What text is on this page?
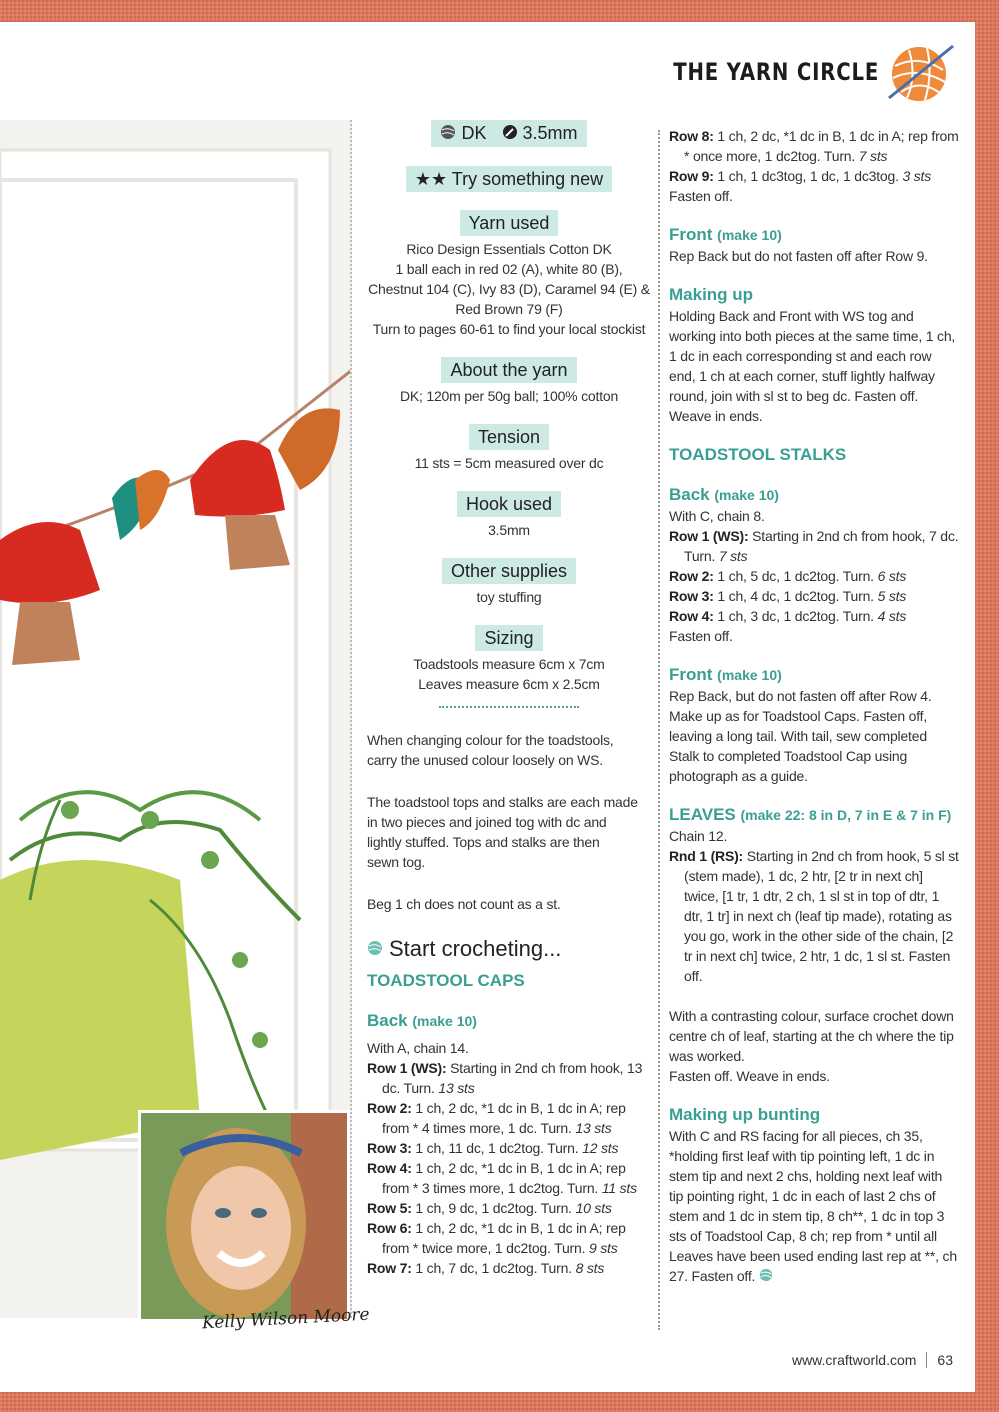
THE YARN CIRCLE
Kelly Wilson Moore
DK 3.5mm
★★ Try something new
Yarn used
Rico Design Essentials Cotton DK
1 ball each in red 02 (A), white 80 (B),
Chestnut 104 (C), Ivy 83 (D), Caramel 94 (E) &
Red Brown 79 (F)
Turn to pages 60-61 to find your local stockist
About the yarn
DK; 120m per 50g ball; 100% cotton
Tension
11 sts = 5cm measured over dc
Hook used
3.5mm
Other supplies
toy stuffing
Sizing
Toadstools measure 6cm x 7cm
Leaves measure 6cm x 2.5cm
When changing colour for the toadstools,
carry the unused colour loosely on WS.
The toadstool tops and stalks are each made
in two pieces and joined tog with dc and
lightly stuffed. Tops and stalks are then
sewn tog.
Beg 1 ch does not count as a st.
Start crocheting...
TOADSTOOL CAPS
Back (make 10)
With A, chain 14.
Row 1 (WS): Starting in 2nd ch from hook, 13 dc. Turn. 13 sts
Row 2: 1 ch, 2 dc, *1 dc in B, 1 dc in A; rep from * 4 times more, 1 dc. Turn. 13 sts
Row 3: 1 ch, 11 dc, 1 dc2tog. Turn. 12 sts
Row 4: 1 ch, 2 dc, *1 dc in B, 1 dc in A; rep from * 3 times more, 1 dc2tog. Turn. 11 sts
Row 5: 1 ch, 9 dc, 1 dc2tog. Turn. 10 sts
Row 6: 1 ch, 2 dc, *1 dc in B, 1 dc in A; rep from * twice more, 1 dc2tog. Turn. 9 sts
Row 7: 1 ch, 7 dc, 1 dc2tog. Turn. 8 sts
Row 8: 1 ch, 2 dc, *1 dc in B, 1 dc in A; rep from * once more, 1 dc2tog. Turn. 7 sts
Row 9: 1 ch, 1 dc3tog, 1 dc, 1 dc3tog. 3 sts
Fasten off.
Front (make 10)
Rep Back but do not fasten off after Row 9.
Making up
Holding Back and Front with WS tog and working into both pieces at the same time, 1 ch, 1 dc in each corresponding st and each row end, 1 ch at each corner, stuff lightly halfway round, join with sl st to beg dc. Fasten off. Weave in ends.
TOADSTOOL STALKS
Back (make 10)
With C, chain 8.
Row 1 (WS): Starting in 2nd ch from hook, 7 dc. Turn. 7 sts
Row 2: 1 ch, 5 dc, 1 dc2tog. Turn. 6 sts
Row 3: 1 ch, 4 dc, 1 dc2tog. Turn. 5 sts
Row 4: 1 ch, 3 dc, 1 dc2tog. Turn. 4 sts
Fasten off.
Front (make 10)
Rep Back, but do not fasten off after Row 4. Make up as for Toadstool Caps. Fasten off, leaving a long tail. With tail, sew completed Stalk to completed Toadstool Cap using photograph as a guide.
LEAVES (make 22: 8 in D, 7 in E & 7 in F)
Chain 12.
Rnd 1 (RS): Starting in 2nd ch from hook, 5 sl st (stem made), 1 dc, 2 htr, [2 tr in next ch] twice, [1 tr, 1 dtr, 2 ch, 1 sl st in top of dtr, 1 dtr, 1 tr] in next ch (leaf tip made), rotating as you go, work in the other side of the chain, [2 tr in next ch] twice, 2 htr, 1 dc, 1 sl st. Fasten off.
With a contrasting colour, surface crochet down centre ch of leaf, starting at the ch where the tip was worked.
Fasten off. Weave in ends.
Making up bunting
With C and RS facing for all pieces, ch 35, *holding first leaf with tip pointing left, 1 dc in stem tip and next 2 chs, holding next leaf with tip pointing right, 1 dc in each of last 2 chs of stem and 1 dc in stem tip, 8 ch**, 1 dc in top 3 sts of Toadstool Cap, 8 ch; rep from * until all Leaves have been used ending last rep at **, ch 27. Fasten off.
www.craftworld.com 63
